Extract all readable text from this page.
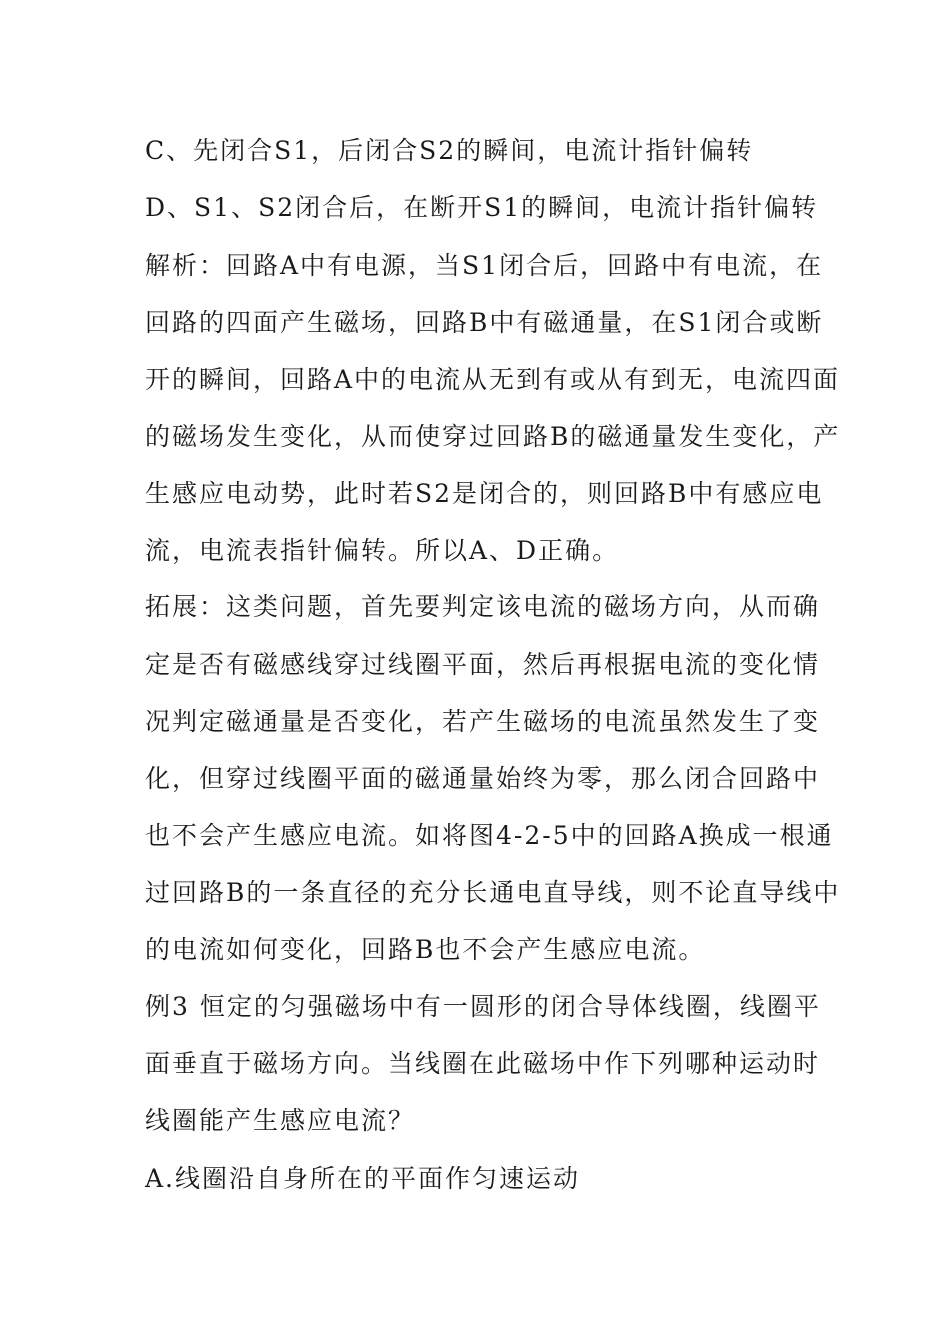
C、先闭合S1，后闭合S2的瞬间，电流计指针偏转
D、S1、S2闭合后，在断开S1的瞬间，电流计指针偏转
解析：回路A中有电源，当S1闭合后，回路中有电流，在
回路的四面产生磁场，回路B中有磁通量，在S1闭合或断
开的瞬间，回路A中的电流从无到有或从有到无，电流四面
的磁场发生变化，从而使穿过回路B的磁通量发生变化，产
生感应电动势，此时若S2是闭合的，则回路B中有感应电
流，电流表指针偏转。所以A、D正确。
拓展：这类问题，首先要判定该电流的磁场方向，从而确
定是否有磁感线穿过线圈平面，然后再根据电流的变化情
况判定磁通量是否变化，若产生磁场的电流虽然发生了变
化，但穿过线圈平面的磁通量始终为零，那么闭合回路中
也不会产生感应电流。如将图4-2-5中的回路A换成一根通
过回路B的一条直径的充分长通电直导线，则不论直导线中
的电流如何变化，回路B也不会产生感应电流。
例3 恒定的匀强磁场中有一圆形的闭合导体线圈，线圈平
面垂直于磁场方向。当线圈在此磁场中作下列哪种运动时
线圈能产生感应电流？
A.线圈沿自身所在的平面作匀速运动
